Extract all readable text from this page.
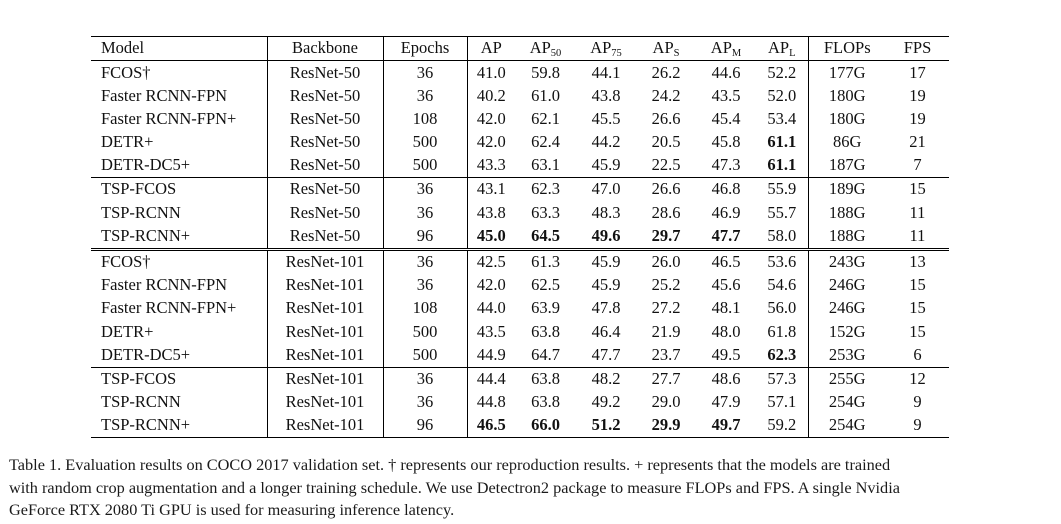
Model	Backbone	Epochs	AP	$AP_{50}$	$AP_{75}$	$AP_S$	$AP_M$	$AP_L$	FLOPs	FPS
FCOS†	ResNet-50	36	41.0	59.8	44.1	26.2	44.6	52.2	177G	17
Faster RCNN-FPN	ResNet-50	36	40.2	61.0	43.8	24.2	43.5	52.0	180G	19
Faster RCNN-FPN+	ResNet-50	108	42.0	62.1	45.5	26.6	45.4	53.4	180G	19
DETR+	ResNet-50	500	42.0	62.4	44.2	20.5	45.8	61.1	86G	21
DETR-DC5+	ResNet-50	500	43.3	63.1	45.9	22.5	47.3	61.1	187G	7
TSP-FCOS	ResNet-50	36	43.1	62.3	47.0	26.6	46.8	55.9	189G	15
TSP-RCNN	ResNet-50	36	43.8	63.3	48.3	28.6	46.9	55.7	188G	11
TSP-RCNN+	ResNet-50	96	45.0	64.5	49.6	29.7	47.7	58.0	188G	11
FCOS†	ResNet-101	36	42.5	61.3	45.9	26.0	46.5	53.6	243G	13
Faster RCNN-FPN	ResNet-101	36	42.0	62.5	45.9	25.2	45.6	54.6	246G	15
Faster RCNN-FPN+	ResNet-101	108	44.0	63.9	47.8	27.2	48.1	56.0	246G	15
DETR+	ResNet-101	500	43.5	63.8	46.4	21.9	48.0	61.8	152G	15
DETR-DC5+	ResNet-101	500	44.9	64.7	47.7	23.7	49.5	62.3	253G	6
TSP-FCOS	ResNet-101	36	44.4	63.8	48.2	27.7	48.6	57.3	255G	12
TSP-RCNN	ResNet-101	36	44.8	63.8	49.2	29.0	47.9	57.1	254G	9
TSP-RCNN+	ResNet-101	96	46.5	66.0	51.2	29.9	49.7	59.2	254G	9
Table 1. Evaluation results on COCO 2017 validation set. † represents our reproduction results. + represents that the models are trained
with random crop augmentation and a longer training schedule. We use Detectron2 package to measure FLOPs and FPS. A single Nvidia
GeForce RTX 2080 Ti GPU is used for measuring inference latency.
